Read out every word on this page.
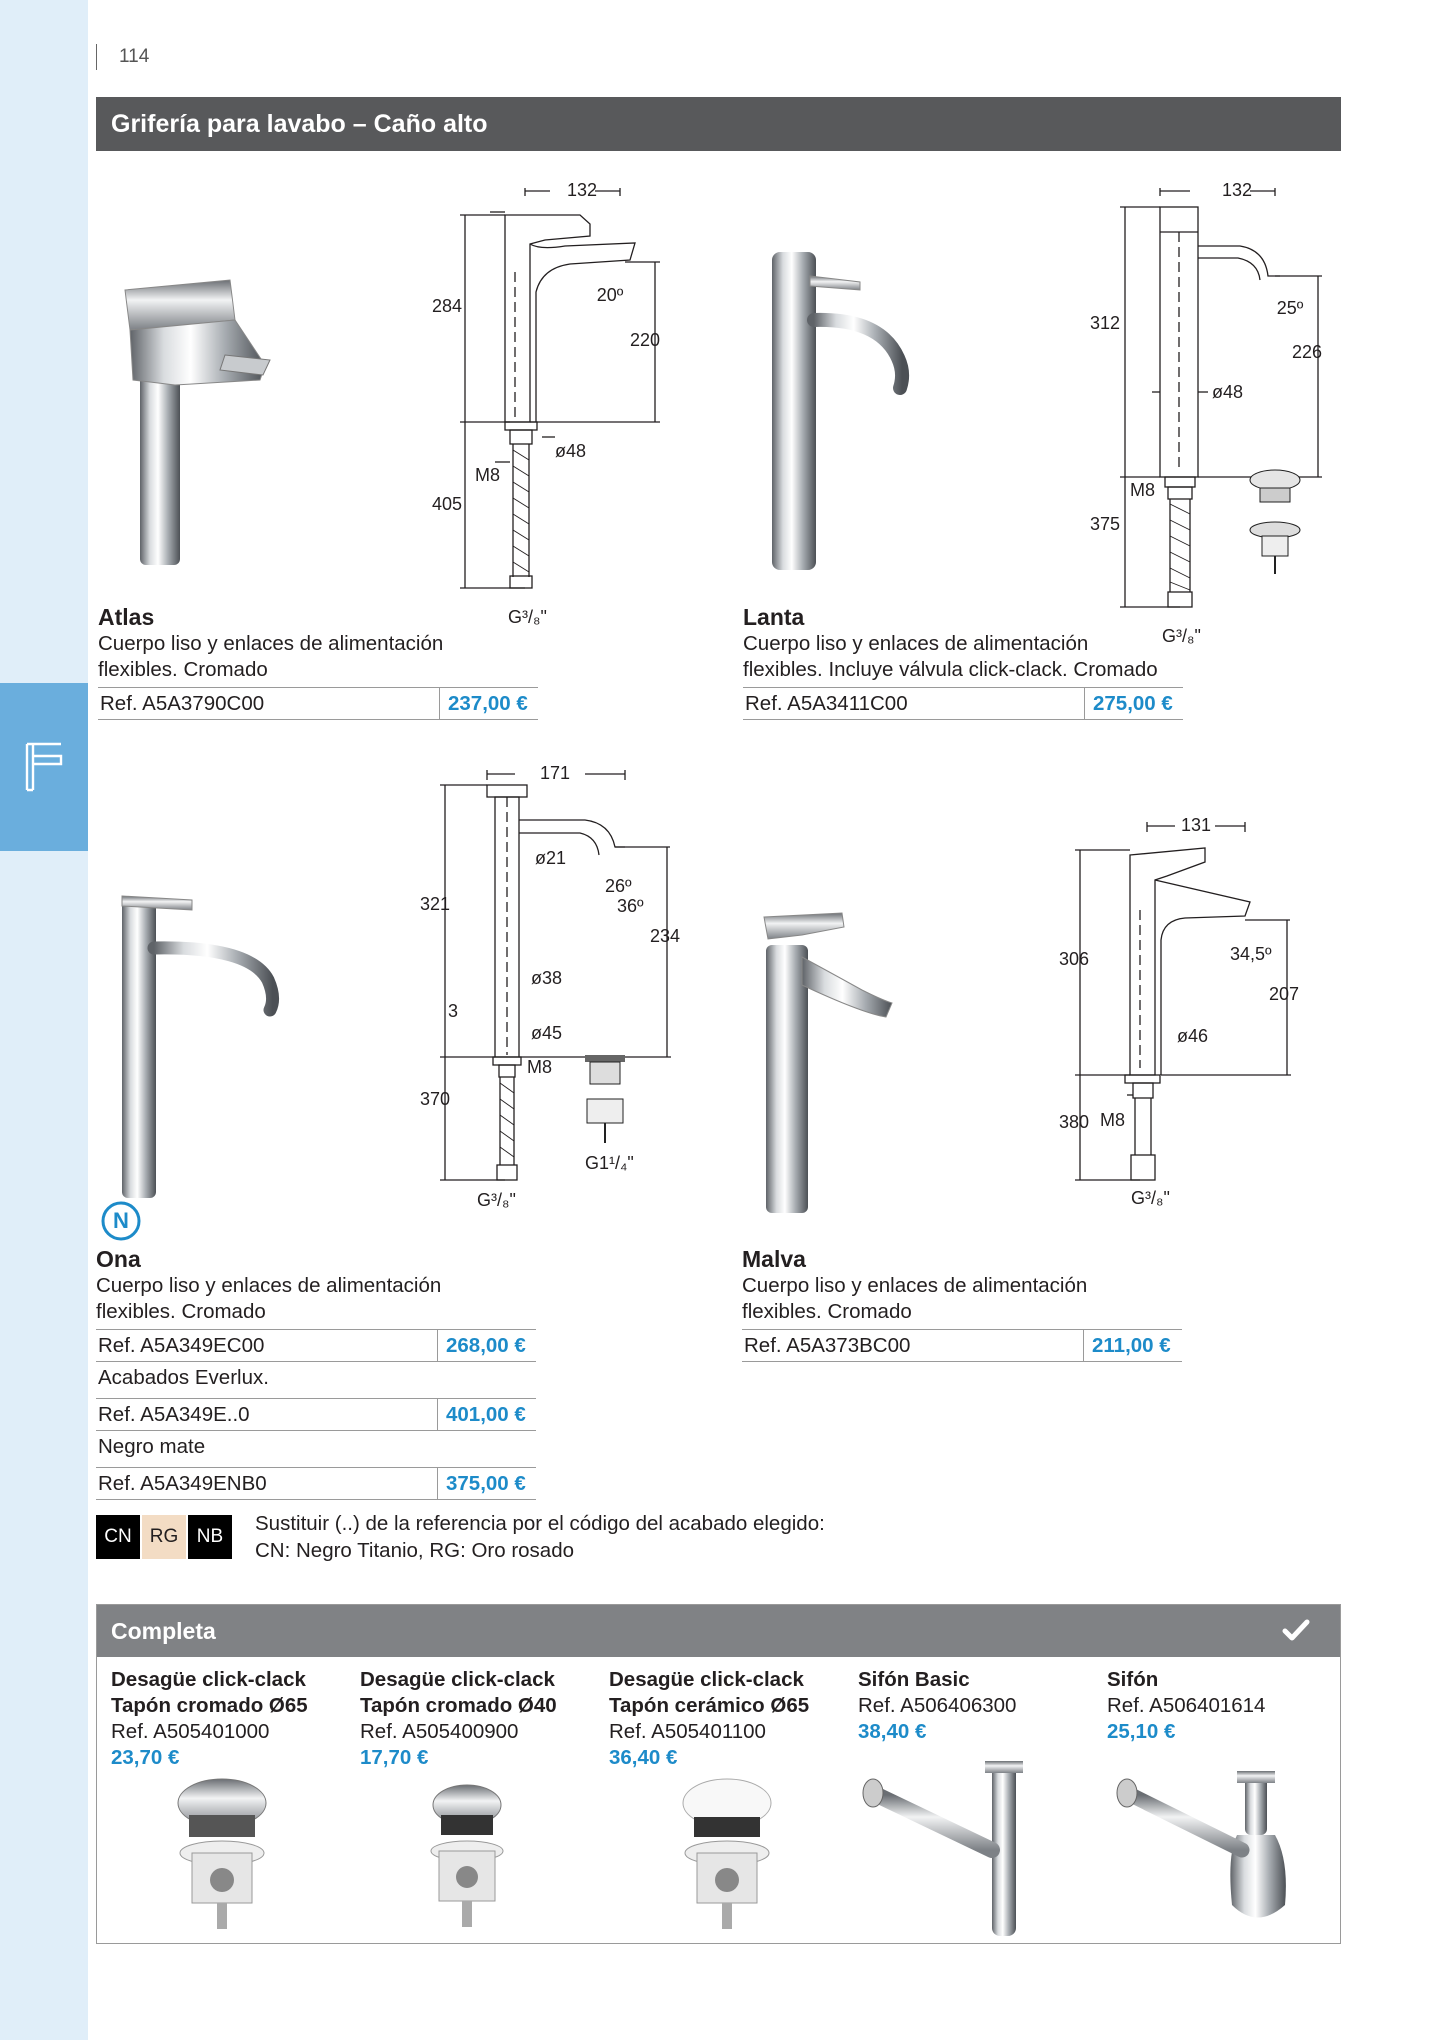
114
Grifería para lavabo – Caño alto
132
284
20º
220
ø48
M8
405
G³/₈"
Atlas
Cuerpo liso y enlaces de alimentación
flexibles. Cromado
Ref. A5A3790C00	237,00 €
132
312
25º
226
ø48
M8
375
G³/₈"
Lanta
Cuerpo liso y enlaces de alimentación
flexibles. Incluye válvula click-clack. Cromado
Ref. A5A3411C00	275,00 €
171
ø21
321
26º
36º
234
ø38
3
ø45
M8
370
G1¹/₄"
G³/₈"
N
Ona
Cuerpo liso y enlaces de alimentación
flexibles. Cromado
Ref. A5A349EC00	268,00 €
Acabados Everlux.
Ref. A5A349E..0	401,00 €
Negro mate
Ref. A5A349ENB0	375,00 €
131
306	34,5º
207
ø46
380 M8
G³/₈"
Malva
Cuerpo liso y enlaces de alimentación
flexibles. Cromado
Ref. A5A373BC00	211,00 €
CN RG NB
Sustituir (..) de la referencia por el código del acabado elegido:
CN: Negro Titanio, RG: Oro rosado
Completa
Desagüe click-clack
Tapón cromado Ø65
Ref. A505401000
23,70 €
Desagüe click-clack
Tapón cromado Ø40
Ref. A505400900
17,70 €
Desagüe click-clack
Tapón cerámico Ø65
Ref. A505401100
36,40 €
Sifón Basic
Ref. A506406300
38,40 €
Sifón
Ref. A506401614
25,10 €
